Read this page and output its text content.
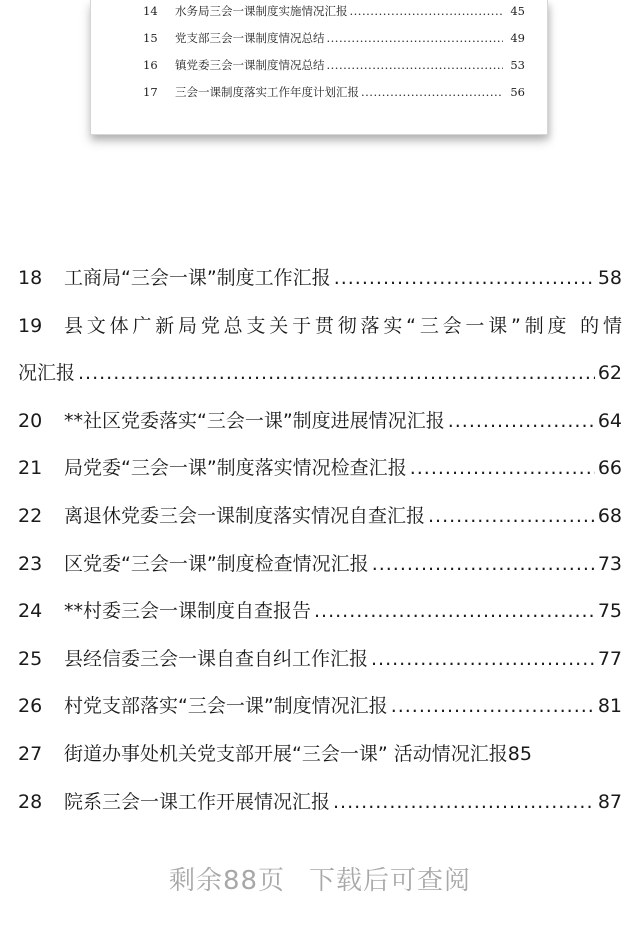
14	水务局三会一课制度实施情况汇报 .....	45
15	党支部三会一课制度情况总结 .....	49
16	镇党委三会一课制度情况总结 .....	53
17	三会一课制度落实工作年度计划汇报 .....	56
18	工商局“三会一课”制度工作汇报 .....	58
19	县文体广新局党总支关于贯彻落实“三会一课”制度 的情
况汇报 .....	62
20	**社区党委落实“三会一课”制度进展情况汇报 .....	64
21	局党委“三会一课”制度落实情况检查汇报 .....	66
22	离退休党委三会一课制度落实情况自查汇报 .....	68
23	区党委“三会一课”制度检查情况汇报 .....	73
24	**村委三会一课制度自查报告 .....	75
25	县经信委三会一课自查自纠工作汇报 .....	77
26	村党支部落实“三会一课”制度情况汇报 .....	81
27	街道办事处机关党支部开展“三会一课” 活动情况汇报 85
28	院系三会一课工作开展情况汇报 .....	87
剩余88页 下载后可查阅
